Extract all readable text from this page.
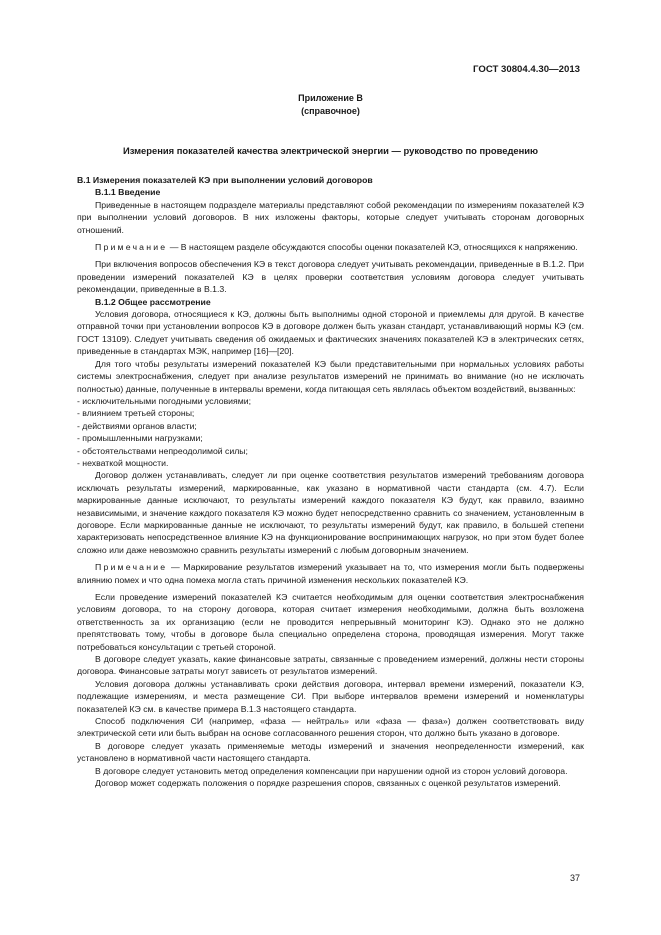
ГОСТ 30804.4.30—2013
Приложение В
(справочное)
Измерения показателей качества электрической энергии — руководство по проведению

B.1 Измерения показателей КЭ при выполнении условий договоров

B.1.1 Введение

Приведенные в настоящем подразделе материалы представляют собой рекомендации по измерениям показателей КЭ при выполнении условий договоров. В них изложены факторы, которые следует учитывать сторонам договорных отношений.

Примечание — В настоящем разделе обсуждаются способы оценки показателей КЭ, относящихся к напряжению.

При включения вопросов обеспечения КЭ в текст договора следует учитывать рекомендации, приведенные в В.1.2. При проведении измерений показателей КЭ в целях проверки соответствия условиям договора следует учитывать рекомендации, приведенные в В.1.3.

B.1.2 Общее рассмотрение

Условия договора, относящиеся к КЭ, должны быть выполнимы одной стороной и приемлемы для другой. В качестве отправной точки при установлении вопросов КЭ в договоре должен быть указан стандарт, устанавливающий нормы КЭ (см. ГОСТ 13109). Следует учитывать сведения об ожидаемых и фактических значениях показателей КЭ в электрических сетях, приведенные в стандартах МЭК, например [16]—[20].

Для того чтобы результаты измерений показателей КЭ были представительными при нормальных условиях работы системы электроснабжения, следует при анализе результатов измерений не принимать во внимание (но не исключать полностью) данные, полученные в интервалы времени, когда питающая сеть являлась объектом воздействий, вызванных:

- исключительными погодными условиями;
- влиянием третьей стороны;
- действиями органов власти;
- промышленными нагрузками;
- обстоятельствами непреодолимой силы;
- нехваткой мощности.

Договор должен устанавливать, следует ли при оценке соответствия результатов измерений требованиям договора исключать результаты измерений, маркированные, как указано в нормативной части стандарта (см. 4.7). Если маркированные данные исключают, то результаты измерений каждого показателя КЭ будут, как правило, взаимно независимыми, и значение каждого показателя КЭ можно будет непосредственно сравнить со значением, установленным в договоре. Если маркированные данные не исключают, то результаты измерений будут, как правило, в большей степени характеризовать непосредственное влияние КЭ на функционирование воспринимающих нагрузок, но при этом будет более сложно или даже невозможно сравнить результаты измерений с любым договорным значением.

Примечание — Маркирование результатов измерений указывает на то, что измерения могли быть подвержены влиянию помех и что одна помеха могла стать причиной изменения нескольких показателей КЭ.

Если проведение измерений показателей КЭ считается необходимым для оценки соответствия электроснабжения условиям договора, то на сторону договора, которая считает измерения необходимыми, должна быть возложена ответственность за их организацию (если не проводится непрерывный мониторинг КЭ). Однако это не должно препятствовать тому, чтобы в договоре была специально определена сторона, проводящая измерения. Могут также потребоваться консультации с третьей стороной.

В договоре следует указать, какие финансовые затраты, связанные с проведением измерений, должны нести стороны договора. Финансовые затраты могут зависеть от результатов измерений.

Условия договора должны устанавливать сроки действия договора, интервал времени измерений, показатели КЭ, подлежащие измерениям, и места размещение СИ. При выборе интервалов времени измерений и номенклатуры показателей КЭ см. в качестве примера В.1.3 настоящего стандарта.

Способ подключения СИ (например, «фаза — нейтраль» или «фаза — фаза») должен соответствовать виду электрической сети или быть выбран на основе согласованного решения сторон, что должно быть указано в договоре.

В договоре следует указать применяемые методы измерений и значения неопределенности измерений, как установлено в нормативной части настоящего стандарта.

В договоре следует установить метод определения компенсации при нарушении одной из сторон условий договора.

Договор может содержать положения о порядке разрешения споров, связанных с оценкой результатов измерений.

37
